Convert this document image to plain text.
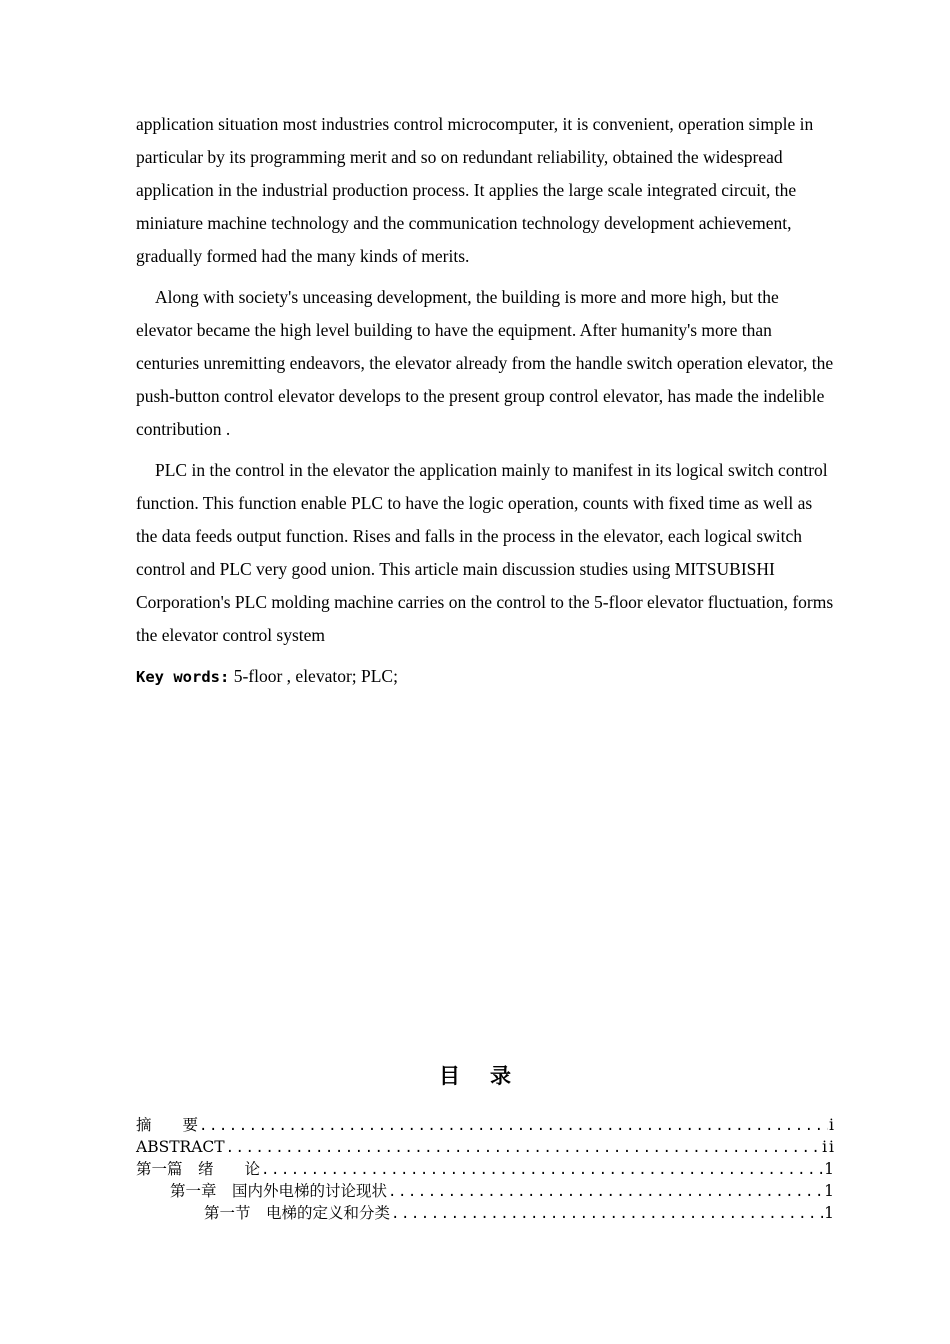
application situation most industries control microcomputer, it is convenient, operation simple in particular by its programming merit and so on redundant reliability, obtained the widespread application in the industrial production process. It applies the large scale integrated circuit, the miniature machine technology and the communication technology development achievement, gradually formed had the many kinds of merits.

Along with society's unceasing development, the building is more and more high, but the elevator became the high level building to have the equipment. After humanity's more than centuries unremitting endeavors, the elevator already from the handle switch operation elevator, the push-button control elevator develops to the present group control elevator, has made the indelible contribution .

PLC in the control in the elevator the application mainly to manifest in its logical switch control function. This function enable PLC to have the logic operation, counts with fixed time as well as the data feeds output function. Rises and falls in the process in the elevator, each logical switch control and PLC very good union. This article main discussion studies using MITSUBISHI Corporation's PLC molding machine carries on the control to the 5-floor elevator fluctuation, forms the elevator control system

Key words: 5-floor , elevator; PLC;
目录
摘　　要 .....	i
ABSTRACT .....	ii
第一篇　绪　　论 .....	1
第一章　国内外电梯的讨论现状 .....	1
第一节　电梯的定义和分类 .....	1
